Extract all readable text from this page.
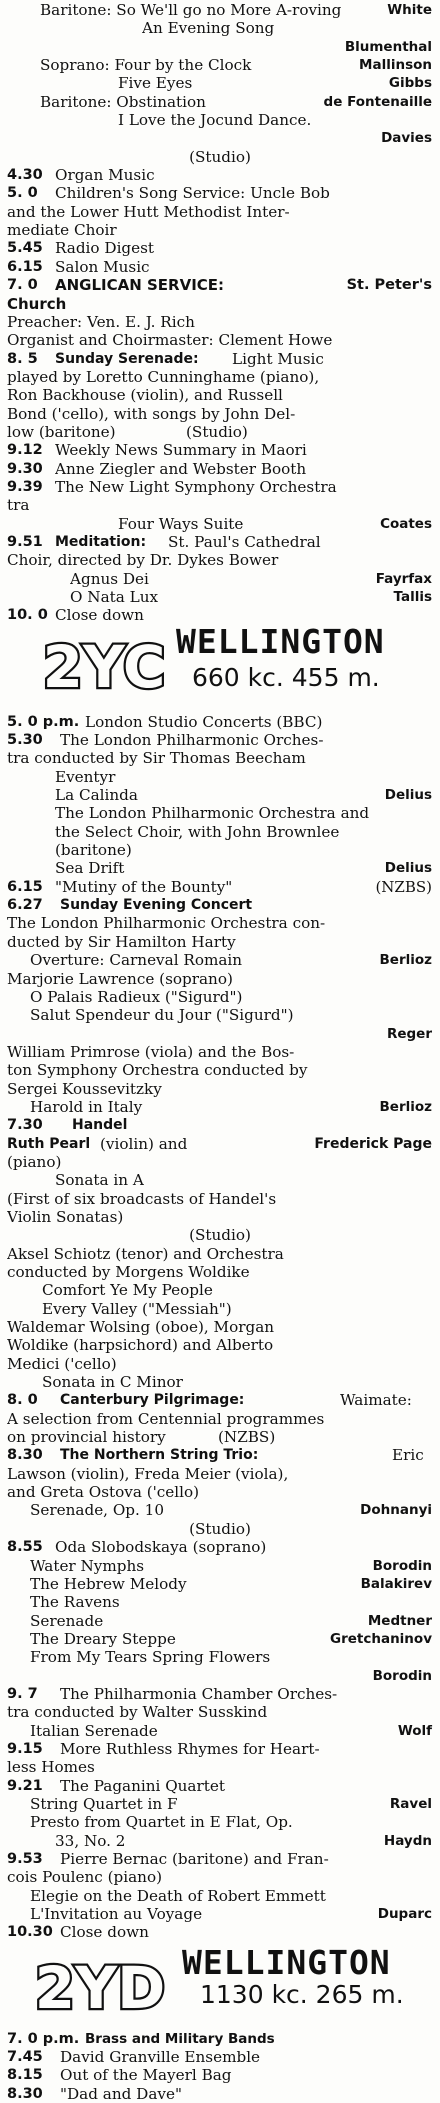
Baritone: So We'll go no More A-roving	White
An Evening Song
Blumenthal
Soprano: Four by the Clock	Mallinson
Five Eyes	Gibbs
Baritone: Obstination	de Fontenaille
I Love the Jocund Dance.
Davies
(Studio)
4.30 Organ Music
5. 0 Children's Song Service: Uncle Bob
and the Lower Hutt Methodist Inter-
mediate Choir
5.45 Radio Digest
6.15 Salon Music
7. 0 ANGLICAN SERVICE:	St. Peter's
Church
Preacher: Ven. E. J. Rich
Organist and Choirmaster: Clement Howe
8. 5 Sunday Serenade: Light Music
played by Loretto Cunninghame (piano),
Ron Backhouse (violin), and Russell
Bond ('cello), with songs by John Del-
low (baritone)	(Studio)
9.12 Weekly News Summary in Maori
9.30 Anne Ziegler and Webster Booth
9.39 The New Light Symphony Orchestra
tra
Four Ways Suite	Coates
9.51 Meditation: St. Paul's Cathedral
Choir, directed by Dr. Dykes Bower
Agnus Dei	Fayrfax
O Nata Lux	Tallis
10. 0 Close down
2YC WELLINGTON
660 kc. 455 m.
5. 0 p.m. London Studio Concerts (BBC)
5.30 The London Philharmonic Orches-
tra conducted by Sir Thomas Beecham
Eventyr
La Calinda	Delius
The London Philharmonic Orchestra and
the Select Choir, with John Brownlee
(baritone)
Sea Drift	Delius
6.15 "Mutiny of the Bounty"	(NZBS)
6.27 Sunday Evening Concert
The London Philharmonic Orchestra con-
ducted by Sir Hamilton Harty
Overture: Carneval Romain	Berlioz
Marjorie Lawrence (soprano)
O Palais Radieux ("Sigurd")
Salut Spendeur du Jour ("Sigurd")
Reger
William Primrose (viola) and the Bos-
ton Symphony Orchestra conducted by
Sergei Koussevitzky
Harold in Italy	Berlioz
7.30 Handel
Ruth Pearl (violin) and	Frederick Page
(piano)
Sonata in A
(First of six broadcasts of Handel's
Violin Sonatas)
(Studio)
Aksel Schiotz (tenor) and Orchestra
conducted by Morgens Woldike
Comfort Ye My People
Every Valley ("Messiah")
Waldemar Wolsing (oboe), Morgan
Woldike (harpsichord) and Alberto
Medici ('cello)
Sonata in C Minor
8. 0 Canterbury Pilgrimage:	Waimate:
A selection from Centennial programmes
on provincial history	(NZBS)
8.30 The Northern String Trio:	Eric
Lawson (violin), Freda Meier (viola),
and Greta Ostova ('cello)
Serenade, Op. 10	Dohnanyi
(Studio)
8.55 Oda Slobodskaya (soprano)
Water Nymphs	Borodin
The Hebrew Melody	Balakirev
The Ravens
Serenade	Medtner
The Dreary Steppe	Gretchaninov
From My Tears Spring Flowers
Borodin
9. 7 The Philharmonia Chamber Orches-
tra conducted by Walter Susskind
Italian Serenade	Wolf
9.15 More Ruthless Rhymes for Heart-
less Homes
9.21 The Paganini Quartet
String Quartet in F	Ravel
Presto from Quartet in E Flat, Op.
33, No. 2	Haydn
9.53 Pierre Bernac (baritone) and Fran-
cois Poulenc (piano)
Elegie on the Death of Robert Emmett
L'Invitation au Voyage	Duparc
10.30 Close down
2YD WELLINGTON
1130 kc. 265 m.
7. 0 p.m. Brass and Military Bands
7.45 David Granville Ensemble
8.15 Out of the Mayerl Bag
8.30 "Dad and Dave"
